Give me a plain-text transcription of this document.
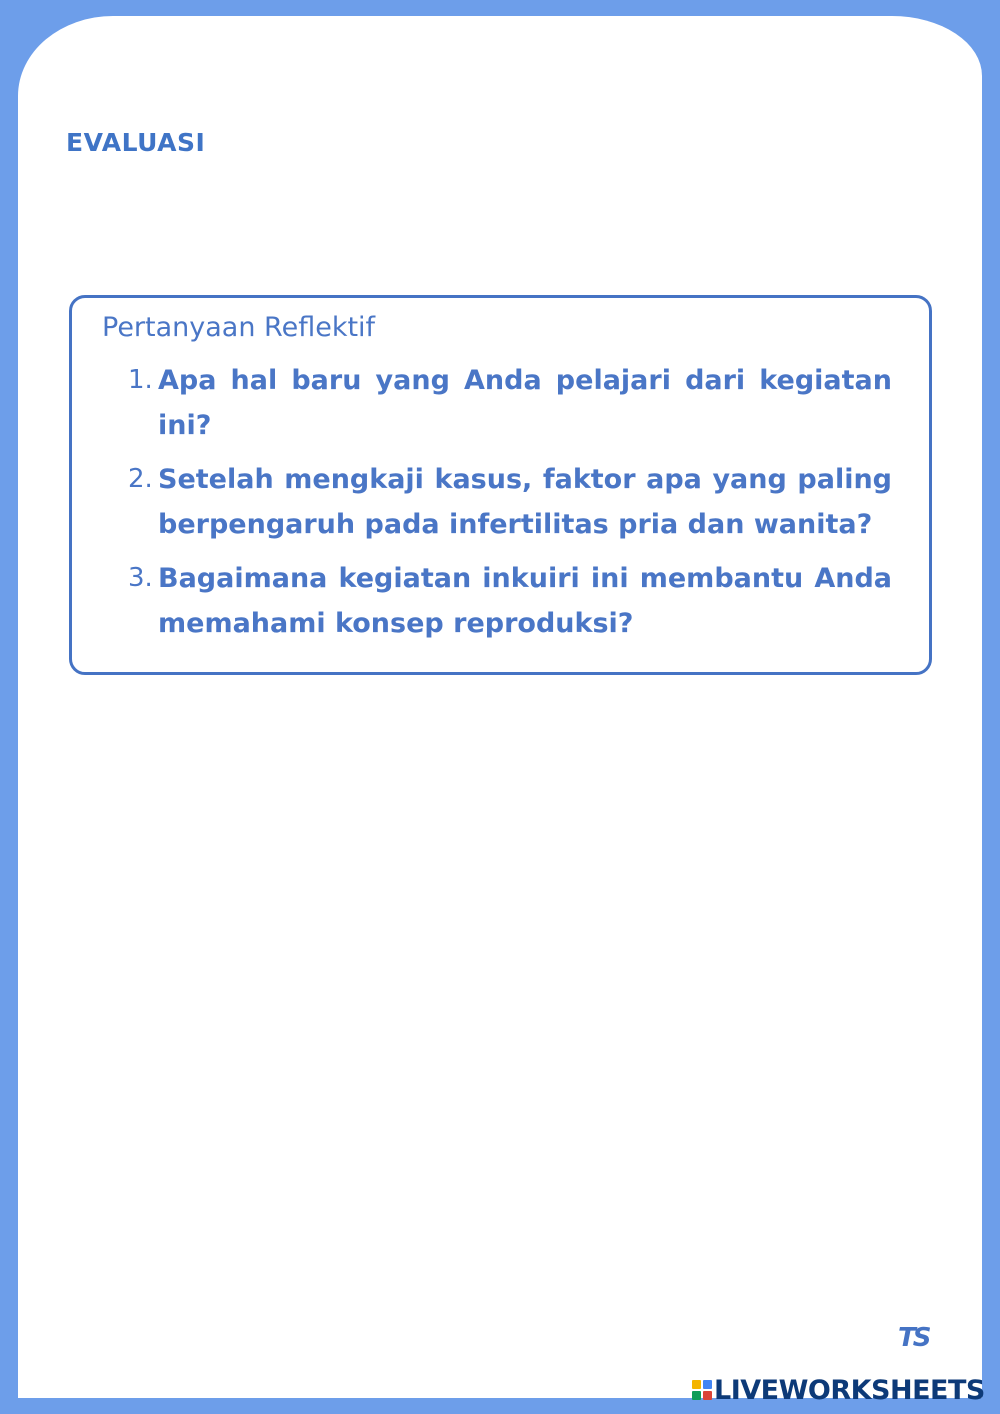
EVALUASI
Pertanyaan Reflektif
1. Apa hal baru yang Anda pelajari dari kegiatan ini?
2. Setelah mengkaji kasus, faktor apa yang paling berpengaruh pada infertilitas pria dan wanita?
3. Bagaimana kegiatan inkuiri ini membantu Anda memahami konsep reproduksi?
TS
LIVEWORKSHEETS
